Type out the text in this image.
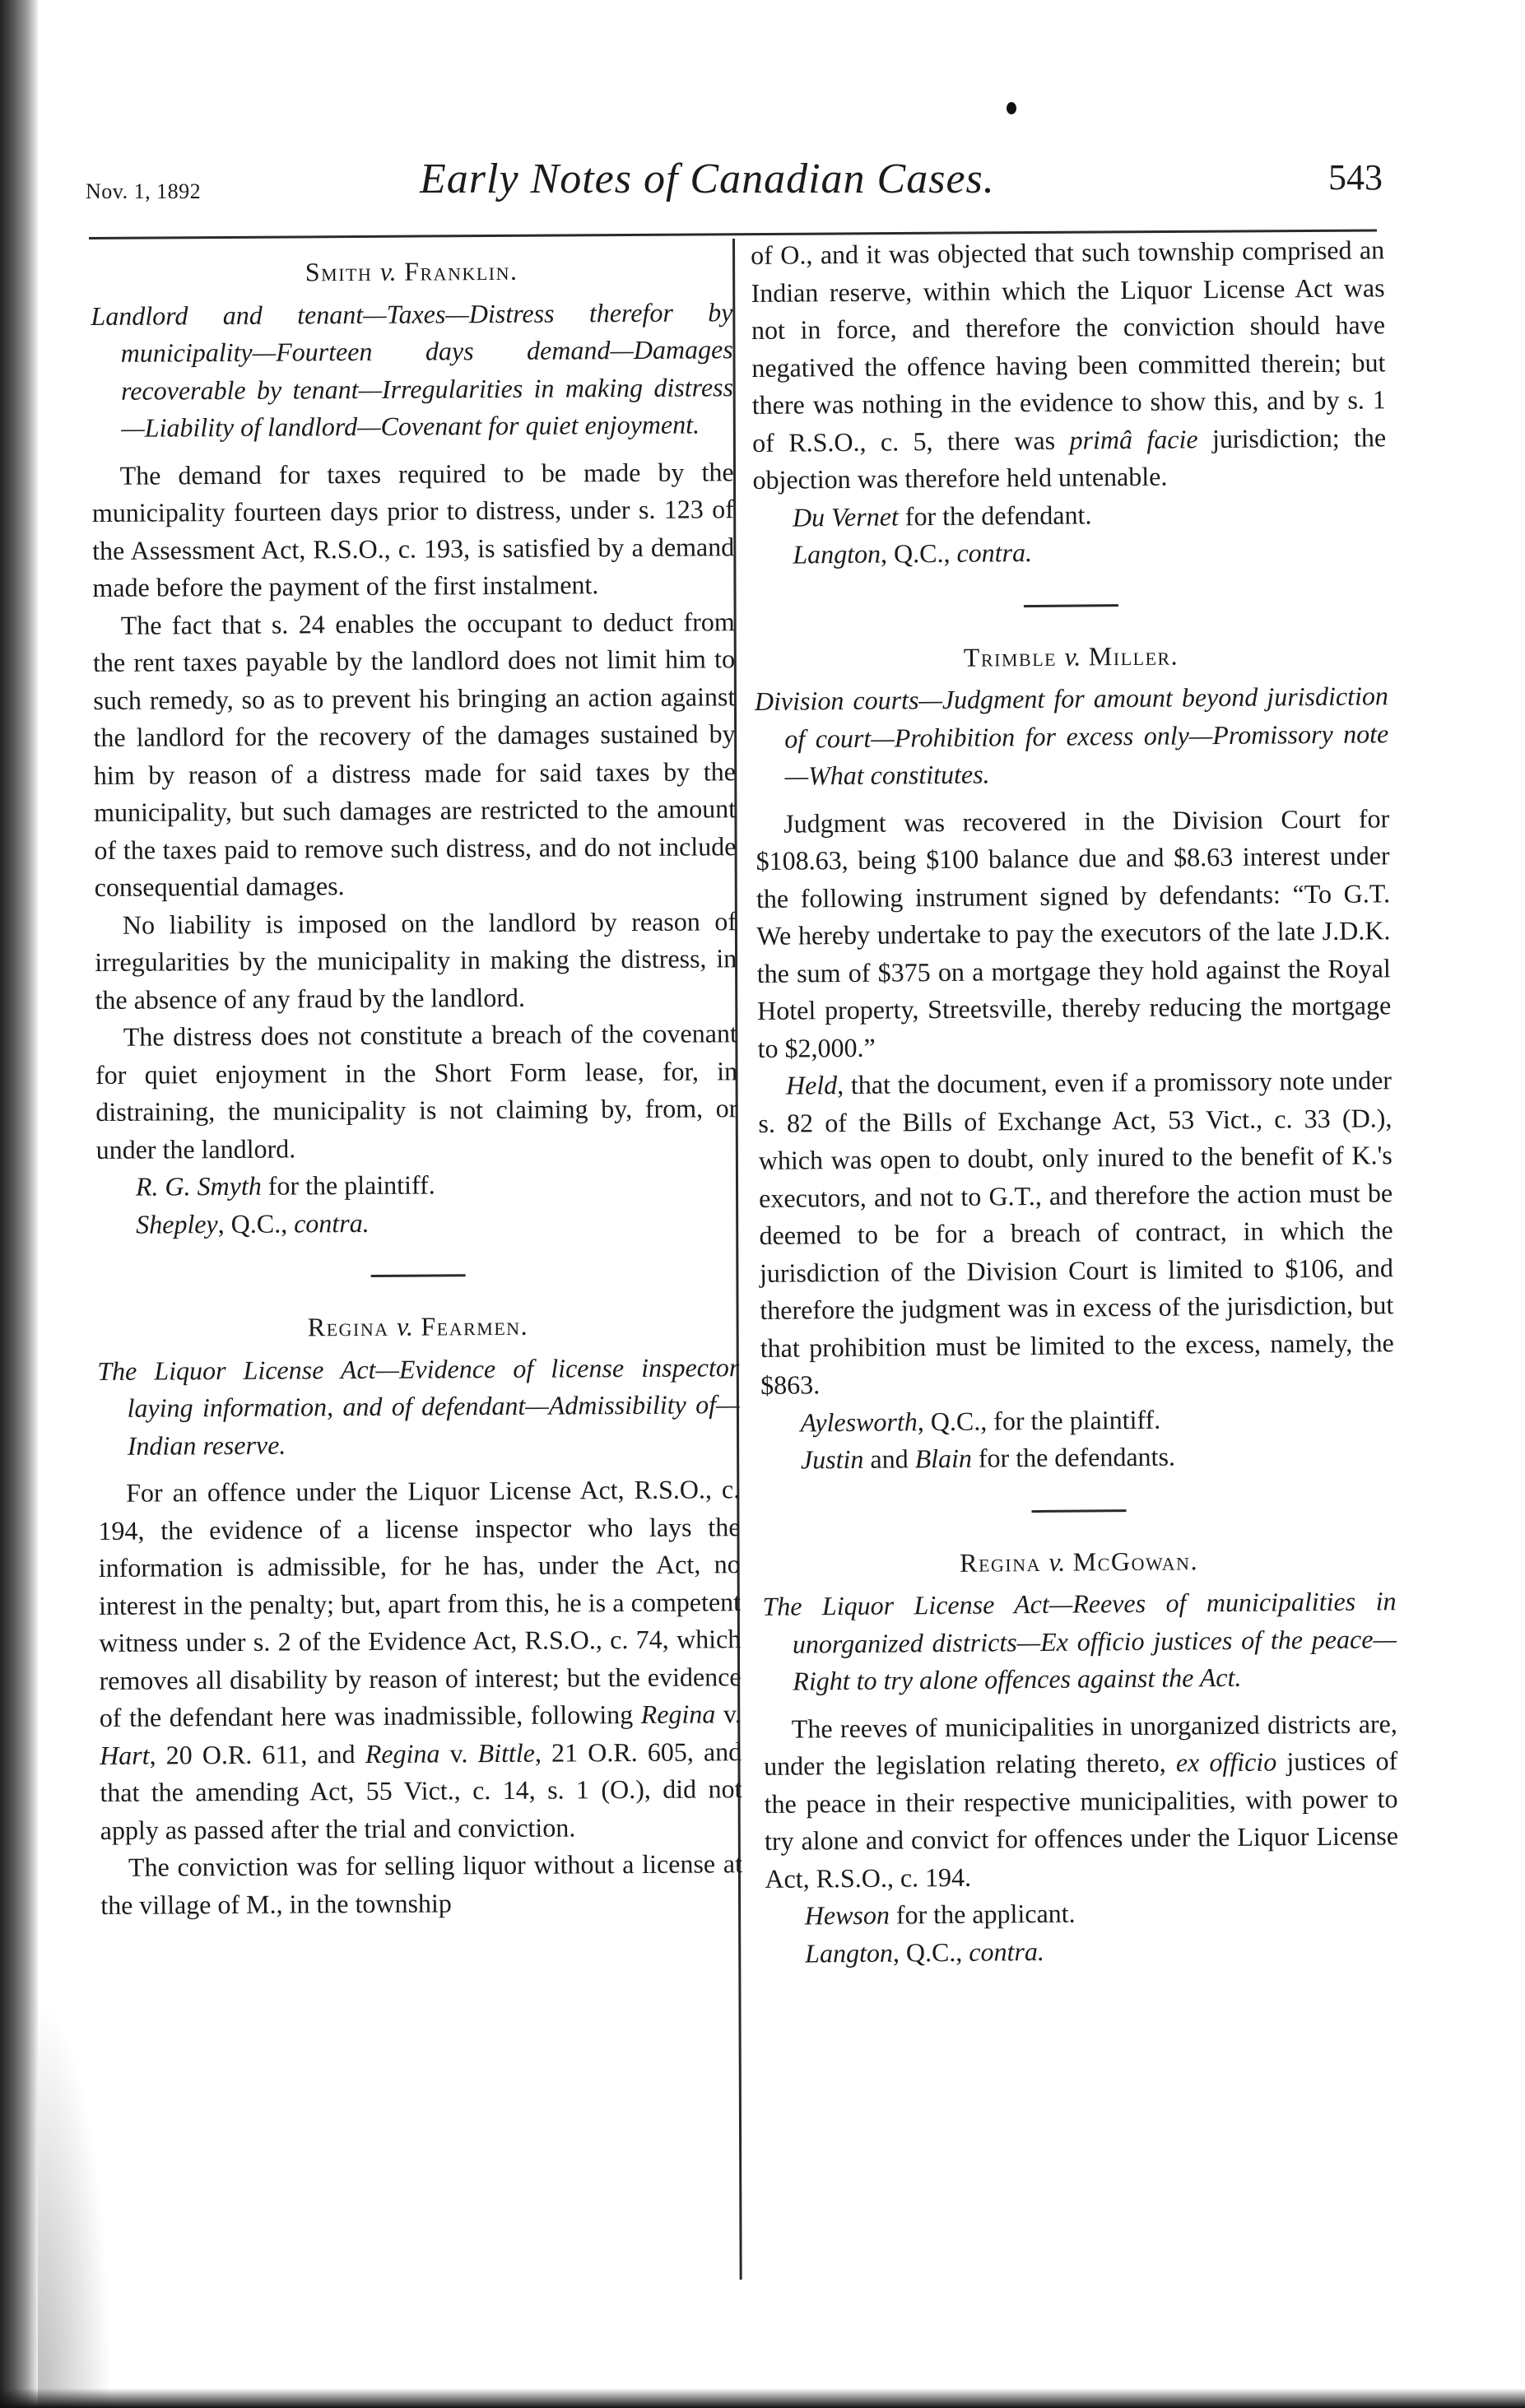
Nov. 1, 1892	Early Notes of Canadian Cases.	543
Smith v. Franklin.
Landlord and tenant—Taxes—Distress therefor by municipality—Fourteen days demand—Damages recoverable by tenant—Irregularities in making distress—Liability of landlord—Covenant for quiet enjoyment.

The demand for taxes required to be made by the municipality fourteen days prior to distress, under s. 123 of the Assessment Act, R.S.O., c. 193, is satisfied by a demand made before the payment of the first instalment.

The fact that s. 24 enables the occupant to deduct from the rent taxes payable by the landlord does not limit him to such remedy, so as to prevent his bringing an action against the landlord for the recovery of the damages sustained by him by reason of a distress made for said taxes by the municipality, but such damages are restricted to the amount of the taxes paid to remove such distress, and do not include consequential damages.

No liability is imposed on the landlord by reason of irregularities by the municipality in making the distress, in the absence of any fraud by the landlord.

The distress does not constitute a breach of the covenant for quiet enjoyment in the Short Form lease, for, in distraining, the municipality is not claiming by, from, or under the landlord.

R. G. Smyth for the plaintiff.

Shepley, Q.C., contra.

Regina v. Fearmen.
The Liquor License Act—Evidence of license inspector laying information, and of defendant—Admissibility of—Indian reserve.

For an offence under the Liquor License Act, R.S.O., c. 194, the evidence of a license inspector who lays the information is admissible, for he has, under the Act, no interest in the penalty; but, apart from this, he is a competent witness under s. 2 of the Evidence Act, R.S.O., c. 74, which removes all disability by reason of interest; but the evidence of the defendant here was inadmissible, following Regina v. Hart, 20 O.R. 611, and Regina v. Bittle, 21 O.R. 605, and that the amending Act, 55 Vict., c. 14, s. 1 (O.), did not apply as passed after the trial and conviction.

The conviction was for selling liquor without a license at the village of M., in the township

of O., and it was objected that such township comprised an Indian reserve, within which the Liquor License Act was not in force, and therefore the conviction should have negatived the offence having been committed therein; but there was nothing in the evidence to show this, and by s. 1 of R.S.O., c. 5, there was primâ facie jurisdiction; the objection was therefore held untenable.

Du Vernet for the defendant.

Langton, Q.C., contra.

Trimble v. Miller.
Division courts—Judgment for amount beyond jurisdiction of court—Prohibition for excess only—Promissory note—What constitutes.

Judgment was recovered in the Division Court for $108.63, being $100 balance due and $8.63 interest under the following instrument signed by defendants: “To G.T. We hereby undertake to pay the executors of the late J.D.K. the sum of $375 on a mortgage they hold against the Royal Hotel property, Streetsville, thereby reducing the mortgage to $2,000.”

Held, that the document, even if a promissory note under s. 82 of the Bills of Exchange Act, 53 Vict., c. 33 (D.), which was open to doubt, only inured to the benefit of K.'s executors, and not to G.T., and therefore the action must be deemed to be for a breach of contract, in which the jurisdiction of the Division Court is limited to $106, and therefore the judgment was in excess of the jurisdiction, but that prohibition must be limited to the excess, namely, the $863.

Aylesworth, Q.C., for the plaintiff.

Justin and Blain for the defendants.

Regina v. McGowan.
The Liquor License Act—Reeves of municipalities in unorganized districts—Ex officio justices of the peace—Right to try alone offences against the Act.

The reeves of municipalities in unorganized districts are, under the legislation relating thereto, ex officio justices of the peace in their respective municipalities, with power to try alone and convict for offences under the Liquor License Act, R.S.O., c. 194.

Hewson for the applicant.

Langton, Q.C., contra.
